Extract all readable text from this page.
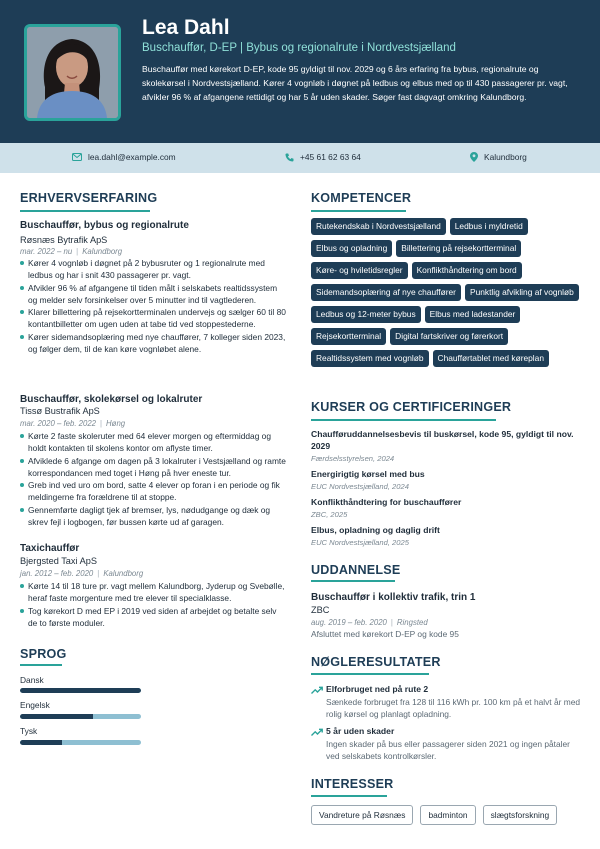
Lea Dahl
Buschauffør, D-EP | Bybus og regionalrute i Nordvestsjælland
Buschauffør med kørekort D-EP, kode 95 gyldigt til nov. 2029 og 6 års erfaring fra bybus, regionalrute og skolekørsel i Nordvestsjælland. Kører 4 vognløb i døgnet på ledbus og elbus med op til 430 passagerer pr. vagt, afvikler 96 % af afgangene rettidigt og har 5 år uden skader. Søger fast dagvagt omkring Kalundborg.
lea.dahl@example.com	+45 61 62 63 64	Kalundborg
ERHVERVSERFARING
Buschauffør, bybus og regionalrute
Røsnæs Bytrafik ApS
mar. 2022 – nu | Kalundborg
Kører 4 vognløb i døgnet på 2 bybusruter og 1 regionalrute med ledbus og har i snit 430 passagerer pr. vagt.
Afvikler 96 % af afgangene til tiden målt i selskabets realtidssystem og melder selv forsinkelser over 5 minutter ind til vagtlederen.
Klarer billettering på rejsekortterminalen undervejs og sælger 60 til 80 kontantbilletter om ugen uden at tabe tid ved stoppestederne.
Kører sidemandsoplæring med nye chauffører, 7 kolleger siden 2023, og følger dem, til de kan køre vognløbet alene.
Buschauffør, skolekørsel og lokalruter
Tissø Bustrafik ApS
mar. 2020 – feb. 2022 | Høng
Kørte 2 faste skoleruter med 64 elever morgen og eftermiddag og holdt kontakten til skolens kontor om aflyste timer.
Afviklede 6 afgange om dagen på 3 lokalruter i Vestsjælland og ramte korrespondancen med toget i Høng på hver eneste tur.
Greb ind ved uro om bord, satte 4 elever op foran i en periode og fik meldingerne fra forældrene til at stoppe.
Gennemførte dagligt tjek af bremser, lys, nødudgange og dæk og skrev fejl i logbogen, før bussen kørte ud af garagen.
Taxichauffør
Bjergsted Taxi ApS
jan. 2012 – feb. 2020 | Kalundborg
Kørte 14 til 18 ture pr. vagt mellem Kalundborg, Jyderup og Svebølle, heraf faste morgenture med tre elever til specialklasse.
Tog kørekort D med EP i 2019 ved siden af arbejdet og betalte selv de to første moduler.
SPROG
Dansk
Engelsk
Tysk
KOMPETENCER
Rutekendskab i Nordvestsjælland	Ledbus i myldretid
Elbus og opladning	Billettering på rejsekortterminal
Køre- og hviletidsregler	Konflikthåndtering om bord
Sidemandsoplæring af nye chauffører	Punktlig afvikling af vognløb
Ledbus og 12-meter bybus	Elbus med ladestander
Rejsekortterminal	Digital fartskriver og førerkort
Realtidssystem med vognløb	Chaufførtablet med køreplan
KURSER OG CERTIFICERINGER
Chaufføruddannelsesbevis til buskørsel, kode 95, gyldigt til nov. 2029
Færdselsstyrelsen, 2024
Energirigtig kørsel med bus
EUC Nordvestsjælland, 2024
Konflikthåndtering for buschauffører
ZBC, 2025
Elbus, opladning og daglig drift
EUC Nordvestsjælland, 2025
UDDANNELSE
Buschauffør i kollektiv trafik, trin 1
ZBC
aug. 2019 – feb. 2020 | Ringsted
Afsluttet med kørekort D-EP og kode 95
NØGLERESULTATER
Elforbruget ned på rute 2
Sænkede forbruget fra 128 til 116 kWh pr. 100 km på et halvt år med rolig kørsel og planlagt opladning.
5 år uden skader
Ingen skader på bus eller passagerer siden 2021 og ingen påtaler ved selskabets kontrolkørsler.
INTERESSER
Vandreture på Røsnæs	badminton	slægtsforskning
